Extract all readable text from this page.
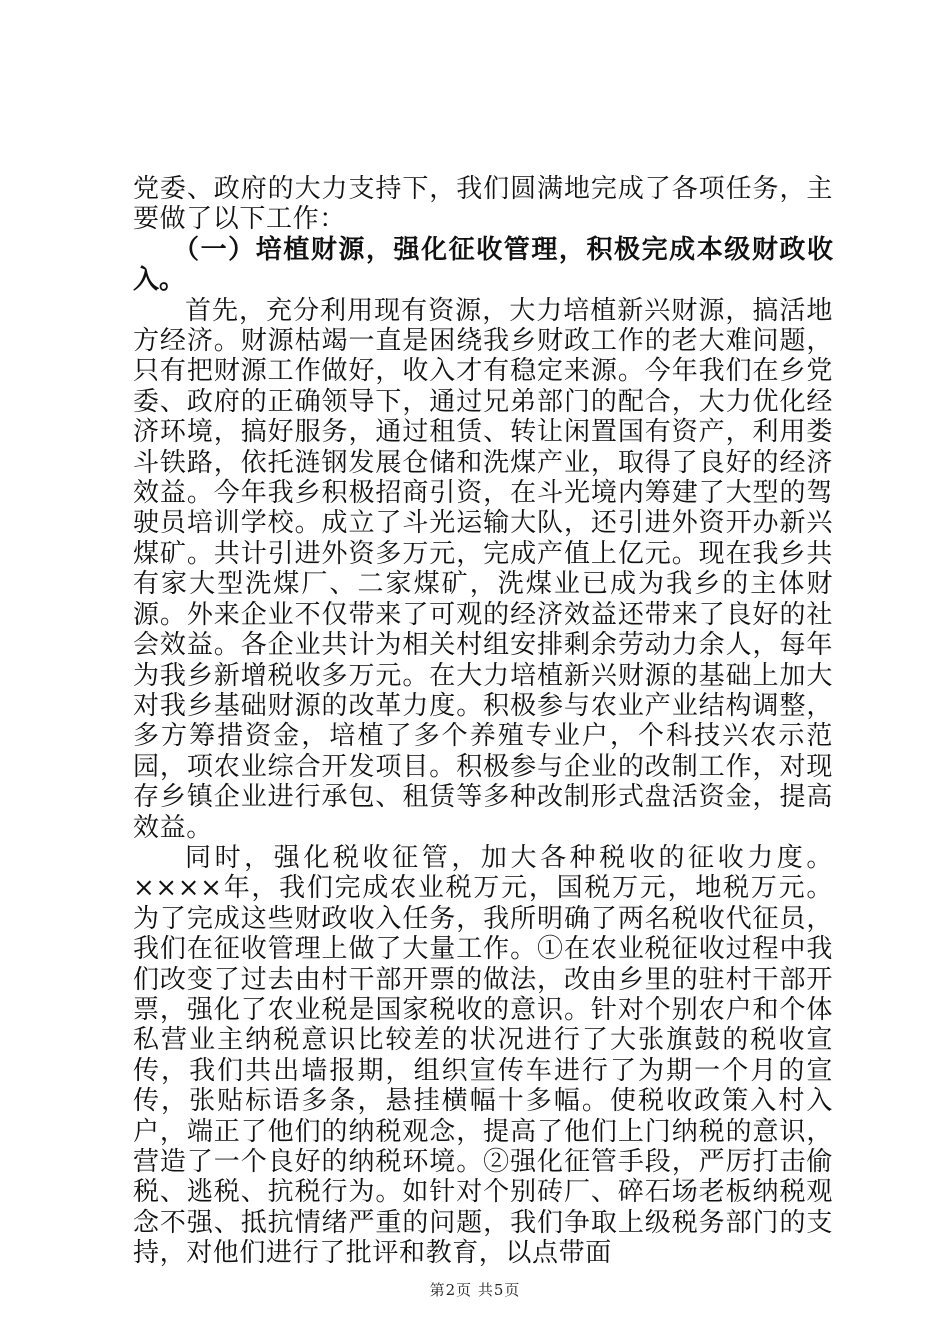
党委、政府的大力支持下，我们圆满地完成了各项任务，主要做了以下工作：

（一）培植财源，强化征收管理，积极完成本级财政收入。

首先，充分利用现有资源，大力培植新兴财源，搞活地方经济。财源枯竭一直是困绕我乡财政工作的老大难问题，只有把财源工作做好，收入才有稳定来源。今年我们在乡党委、政府的正确领导下，通过兄弟部门的配合，大力优化经济环境，搞好服务，通过租赁、转让闲置国有资产，利用娄斗铁路，依托涟钢发展仓储和洗煤产业，取得了良好的经济效益。今年我乡积极招商引资，在斗光境内筹建了大型的驾驶员培训学校。成立了斗光运输大队，还引进外资开办新兴煤矿。共计引进外资多万元，完成产值上亿元。现在我乡共有家大型洗煤厂、二家煤矿，洗煤业已成为我乡的主体财源。外来企业不仅带来了可观的经济效益还带来了良好的社会效益。各企业共计为相关村组安排剩余劳动力余人，每年为我乡新增税收多万元。在大力培植新兴财源的基础上加大对我乡基础财源的改革力度。积极参与农业产业结构调整，多方筹措资金，培植了多个养殖专业户，个科技兴农示范园，项农业综合开发项目。积极参与企业的改制工作，对现存乡镇企业进行承包、租赁等多种改制形式盘活资金，提高效益。

同时，强化税收征管，加大各种税收的征收力度。××××年，我们完成农业税万元，国税万元，地税万元。为了完成这些财政收入任务，我所明确了两名税收代征员，我们在征收管理上做了大量工作。①在农业税征收过程中我们改变了过去由村干部开票的做法，改由乡里的驻村干部开票，强化了农业税是国家税收的意识。针对个别农户和个体私营业主纳税意识比较差的状况进行了大张旗鼓的税收宣传，我们共出墙报期，组织宣传车进行了为期一个月的宣传，张贴标语多条，悬挂横幅十多幅。使税收政策入村入户，端正了他们的纳税观念，提高了他们上门纳税的意识，营造了一个良好的纳税环境。②强化征管手段，严厉打击偷税、逃税、抗税行为。如针对个别砖厂、碎石场老板纳税观念不强、抵抗情绪严重的问题，我们争取上级税务部门的支持，对他们进行了批评和教育，以点带面

第2页 共5页
